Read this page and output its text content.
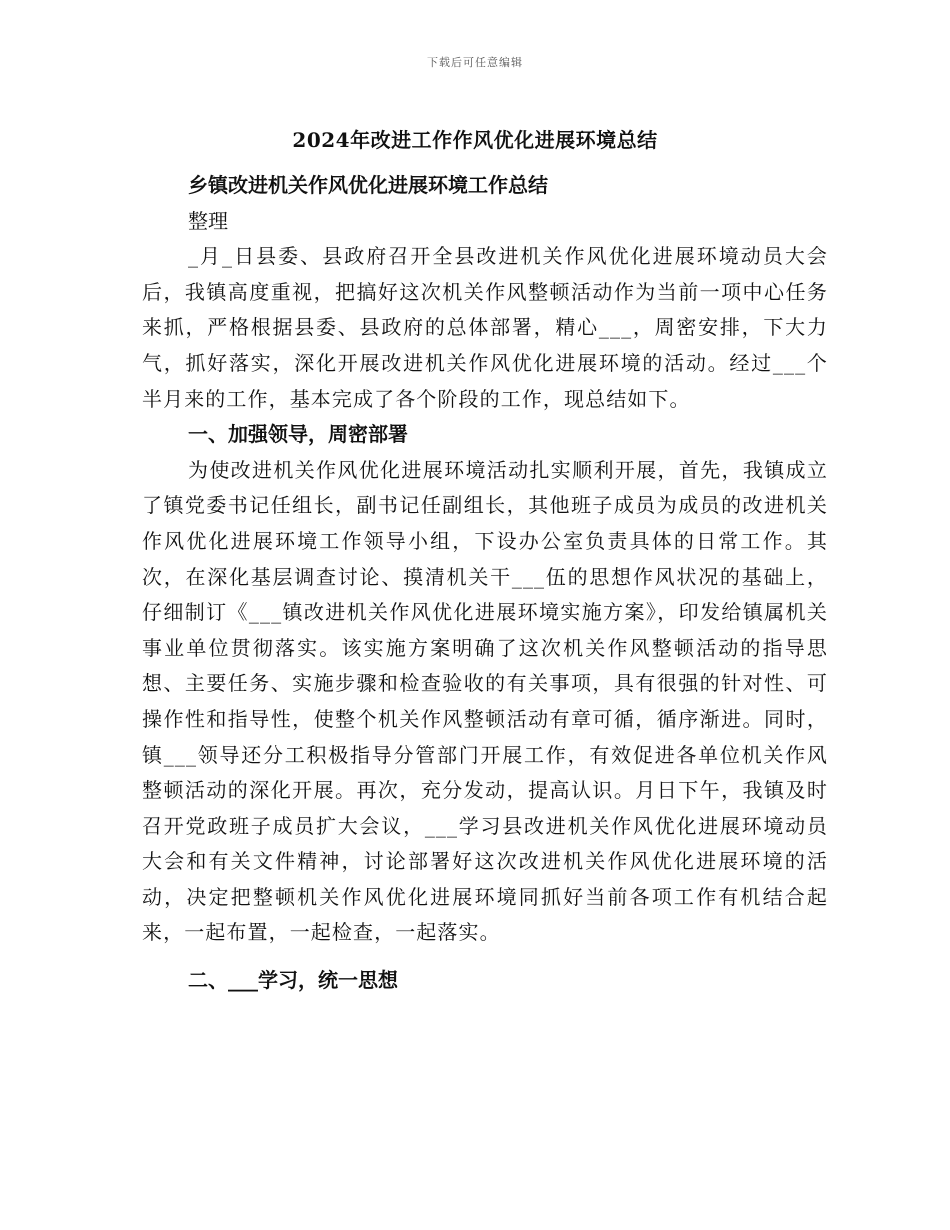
下载后可任意编辑
2024年改进工作作风优化进展环境总结

乡镇改进机关作风优化进展环境工作总结

整理

_月_日县委、县政府召开全县改进机关作风优化进展环境动员大会后，我镇高度重视，把搞好这次机关作风整顿活动作为当前一项中心任务来抓，严格根据县委、县政府的总体部署，精心___，周密安排，下大力气，抓好落实，深化开展改进机关作风优化进展环境的活动。经过___个半月来的工作，基本完成了各个阶段的工作，现总结如下。

一、加强领导，周密部署

为使改进机关作风优化进展环境活动扎实顺利开展，首先，我镇成立了镇党委书记任组长，副书记任副组长，其他班子成员为成员的改进机关作风优化进展环境工作领导小组，下设办公室负责具体的日常工作。其次，在深化基层调查讨论、摸清机关干___伍的思想作风状况的基础上，仔细制订《___镇改进机关作风优化进展环境实施方案》，印发给镇属机关事业单位贯彻落实。该实施方案明确了这次机关作风整顿活动的指导思想、主要任务、实施步骤和检查验收的有关事项，具有很强的针对性、可操作性和指导性，使整个机关作风整顿活动有章可循，循序渐进。同时，镇___领导还分工积极指导分管部门开展工作，有效促进各单位机关作风整顿活动的深化开展。再次，充分发动，提高认识。月日下午，我镇及时召开党政班子成员扩大会议，___学习县改进机关作风优化进展环境动员大会和有关文件精神，讨论部署好这次改进机关作风优化进展环境的活动，决定把整顿机关作风优化进展环境同抓好当前各项工作有机结合起来，一起布置，一起检查，一起落实。

二、___学习，统一思想
